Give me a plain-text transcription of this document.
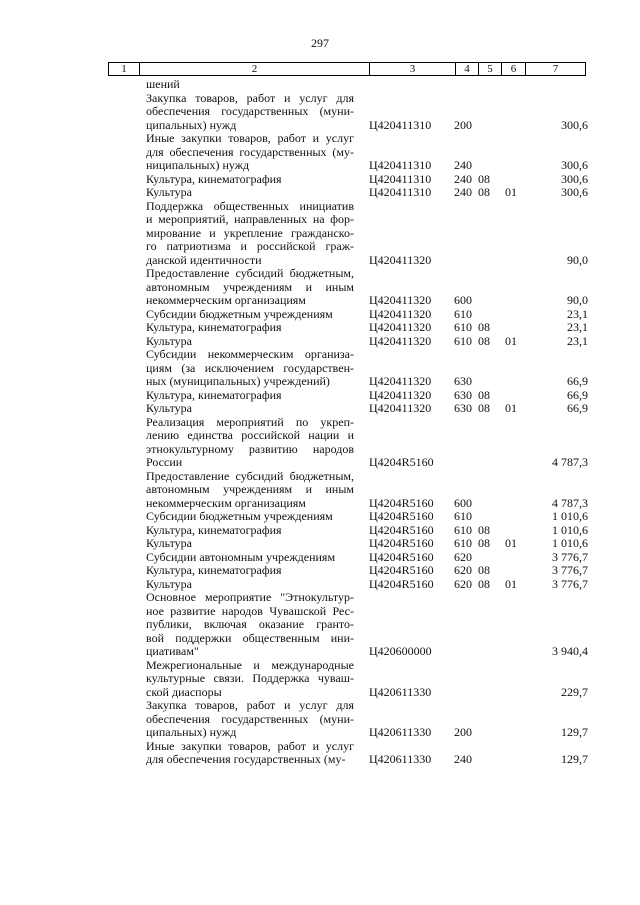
297
1	2	3	4	5	6	7
шений
Закупка товаров, работ и услуг для
обеспечения государственных (муни-
ципальных) нужд	Ц420411310 200	300,6
Иные закупки товаров, работ и услуг
для обеспечения государственных (му-
ниципальных) нужд	Ц420411310 240	300,6
Культура, кинематография	Ц420411310 240 08	300,6
Культура	Ц420411310 240 08 01	300,6
Поддержка общественных инициатив
и мероприятий, направленных на фор-
мирование и укрепление гражданско-
го патриотизма и российской граж-
данской идентичности	Ц420411320	90,0
Предоставление субсидий бюджетным,
автономным учреждениям и иным
некоммерческим организациям	Ц420411320 600	90,0
Субсидии бюджетным учреждениям	Ц420411320 610	23,1
Культура, кинематография	Ц420411320 610 08	23,1
Культура	Ц420411320 610 08 01	23,1
Субсидии некоммерческим организа-
циям (за исключением государствен-
ных (муниципальных) учреждений)	Ц420411320 630	66,9
Культура, кинематография	Ц420411320 630 08	66,9
Культура	Ц420411320 630 08 01	66,9
Реализация мероприятий по укреп-
лению единства российской нации и
этнокультурному развитию народов
России	Ц4204R5160	4 787,3
Предоставление субсидий бюджетным,
автономным учреждениям и иным
некоммерческим организациям	Ц4204R5160 600	4 787,3
Субсидии бюджетным учреждениям	Ц4204R5160 610	1 010,6
Культура, кинематография	Ц4204R5160 610 08	1 010,6
Культура	Ц4204R5160 610 08 01	1 010,6
Субсидии автономным учреждениям	Ц4204R5160 620	3 776,7
Культура, кинематография	Ц4204R5160 620 08	3 776,7
Культура	Ц4204R5160 620 08 01	3 776,7
Основное мероприятие "Этнокультур-
ное развитие народов Чувашской Рес-
публики, включая оказание гранто-
вой поддержки общественным ини-
циативам"	Ц420600000	3 940,4
Межрегиональные и международные
культурные связи. Поддержка чуваш-
ской диаспоры	Ц420611330	229,7
Закупка товаров, работ и услуг для
обеспечения государственных (муни-
ципальных) нужд	Ц420611330 200	129,7
Иные закупки товаров, работ и услуг
для обеспечения государственных (му-	Ц420611330 240	129,7
